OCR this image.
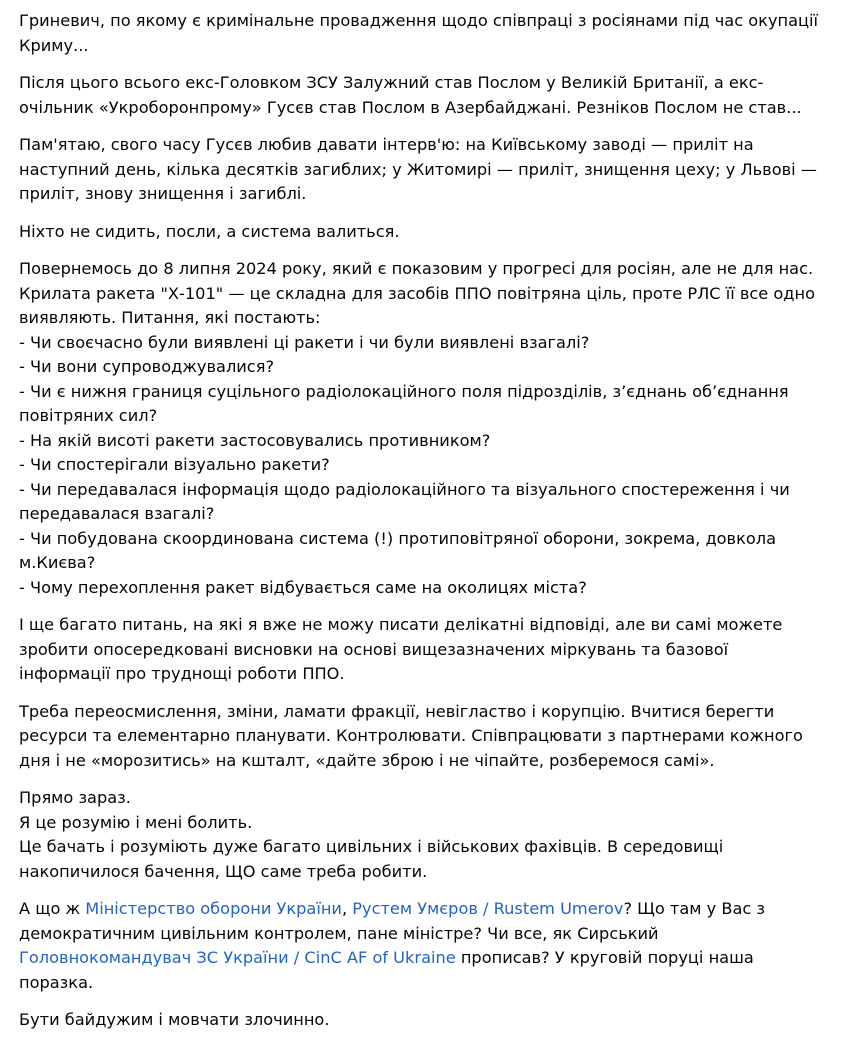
Гриневич, по якому є кримінальне провадження щодо співпраці з росіянами під час окупації
Криму...
Після цього всього екс-Головком ЗСУ Залужний став Послом у Великій Британії, а екс-
очільник «Укроборонпрому» Гусєв став Послом в Азербайджані. Резніков Послом не став...
Пам'ятаю, свого часу Гусєв любив давати інтерв'ю: на Київському заводі — приліт на
наступний день, кілька десятків загиблих; у Житомирі — приліт, знищення цеху; у Львові —
приліт, знову знищення і загиблі.
Ніхто не сидить, посли, а система валиться.
Повернемось до 8 липня 2024 року, який є показовим у прогресі для росіян, але не для нас.
Крилата ракета "Х-101" — це складна для засобів ППО повітряна ціль, проте РЛС її все одно
виявляють. Питання, які постають:
- Чи своєчасно були виявлені ці ракети і чи були виявлені взагалі?
- Чи вони супроводжувалися?
- Чи є нижня границя суцільного радіолокаційного поля підрозділів, з’єднань об’єднання
повітряних сил?
- На якій висоті ракети застосовувались противником?
- Чи спостерігали візуально ракети?
- Чи передавалася інформація щодо радіолокаційного та візуального спостереження і чи
передавалася взагалі?
- Чи побудована скоординована система (!) протиповітряної оборони, зокрема, довкола
м.Києва?
- Чому перехоплення ракет відбувається саме на околицях міста?
І ще багато питань, на які я вже не можу писати делікатні відповіді, але ви самі можете
зробити опосередковані висновки на основі вищезазначених міркувань та базової
інформації про труднощі роботи ППО.
Треба переосмислення, зміни, ламати фракції, невігластво і корупцію. Вчитися берегти
ресурси та елементарно планувати. Контролювати. Співпрацювати з партнерами кожного
дня і не «морозитись» на кшталт, «дайте зброю і не чіпайте, розберемося самі».
Прямо зараз.
Я це розумію і мені болить.
Це бачать і розуміють дуже багато цивільних і військових фахівців. В середовищі
накопичилося бачення, ЩО саме треба робити.
А що ж Міністерство оборони України, Рустем Умєров / Rustem Umerov? Що там у Вас з
демократичним цивільним контролем, пане міністре? Чи все, як Сирський
Головнокомандувач ЗС України / CinC AF of Ukraine прописав? У круговій поруці наша
поразка.
Бути байдужим і мовчати злочинно.
